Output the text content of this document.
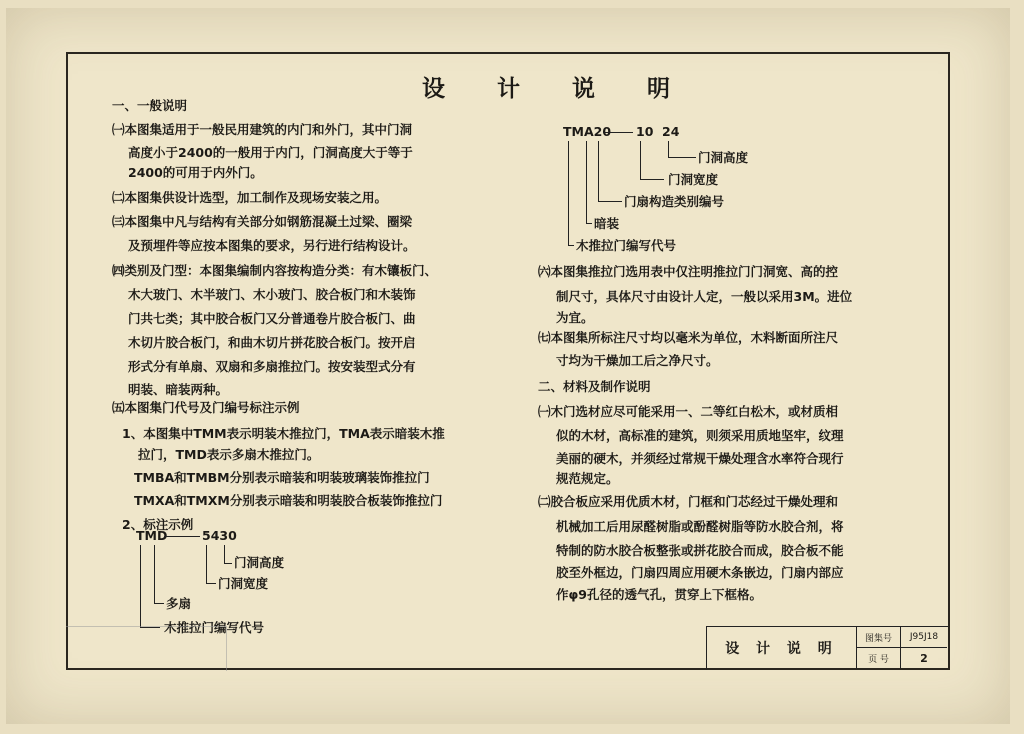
设 计 说 明
一、一般说明
㈠本图集适用于一般民用建筑的内门和外门，其中门洞
高度小于2400的一般用于内门，门洞高度大于等于
2400的可用于内外门。
㈡本图集供设计选型，加工制作及现场安装之用。
㈢本图集中凡与结构有关部分如钢筋混凝土过梁、圈梁
及预埋件等应按本图集的要求，另行进行结构设计。
㈣类别及门型：本图集编制内容按构造分类：有木镶板门、
木大玻门、木半玻门、木小玻门、胶合板门和木装饰
门共七类；其中胶合板门又分普通卷片胶合板门、曲
木切片胶合板门，和曲木切片拼花胶合板门。按开启
形式分有单扇、双扇和多扇推拉门。按安装型式分有
明装、暗装两种。
㈤本图集门代号及门编号标注示例
1、本图集中TMM表示明装木推拉门，TMA表示暗装木推
拉门，TMD表示多扇木推拉门。
TMBA和TMBM分别表示暗装和明装玻璃装饰推拉门
TMXA和TMXM分别表示暗装和明装胶合板装饰推拉门
2、标注示例
TMD	5430
门洞高度
门洞宽度
多扇
木推拉门编写代号
TMA20 10 24
门洞高度
门洞宽度
门扇构造类别编号
暗装
木推拉门编写代号
㈥本图集推拉门选用表中仅注明推拉门门洞宽、高的控
制尺寸，具体尺寸由设计人定，一般以采用3M。进位
为宜。
㈦本图集所标注尺寸均以毫米为单位，木料断面所注尺
寸均为干燥加工后之净尺寸。
二、材料及制作说明
㈠木门选材应尽可能采用一、二等红白松木，或材质相
似的木材，高标准的建筑，则须采用质地坚牢，纹理
美丽的硬木，并须经过常规干燥处理含水率符合现行
规范规定。
㈡胶合板应采用优质木材，门框和门芯经过干燥处理和
机械加工后用尿醛树脂或酚醛树脂等防水胶合剂，将
特制的防水胶合板整张或拼花胶合而成，胶合板不能
胶至外框边，门扇四周应用硬木条嵌边，门扇内部应
作φ9孔径的透气孔，贯穿上下框格。
设 计 说 明
图集号	J95J18
页 号	2
